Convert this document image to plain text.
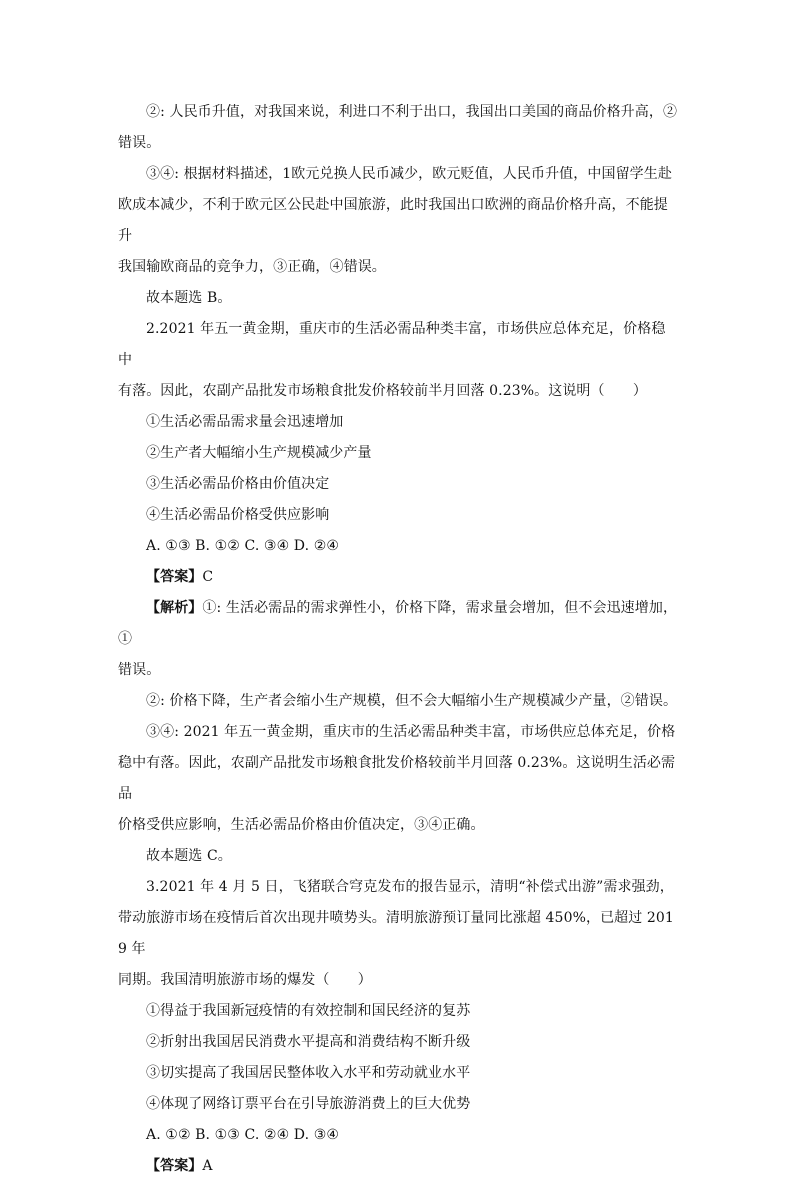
②: 人民币升值，对我国来说，利进口不利于出口，我国出口美国的商品价格升高，②
错误。

③④: 根据材料描述，1欧元兑换人民币减少，欧元贬值，人民币升值，中国留学生赴
欧成本减少，不利于欧元区公民赴中国旅游，此时我国出口欧洲的商品价格升高，不能提升
我国输欧商品的竞争力，③正确，④错误。

故本题选 B。

2.2021 年五一黄金期，重庆市的生活必需品种类丰富，市场供应总体充足，价格稳中
有落。因此，农副产品批发市场粮食批发价格较前半月回落 0.23%。这说明（　　）

①生活必需品需求量会迅速增加

②生产者大幅缩小生产规模减少产量

③生活必需品价格由价值决定

④生活必需品价格受供应影响

A. ①③ B. ①② C. ③④ D. ②④

【答案】C

【解析】①: 生活必需品的需求弹性小，价格下降，需求量会增加，但不会迅速增加，①
错误。

②: 价格下降，生产者会缩小生产规模，但不会大幅缩小生产规模减少产量，②错误。

③④: 2021 年五一黄金期，重庆市的生活必需品种类丰富，市场供应总体充足，价格
稳中有落。因此，农副产品批发市场粮食批发价格较前半月回落 0.23%。这说明生活必需品
价格受供应影响，生活必需品价格由价值决定，③④正确。

故本题选 C。

3.2021 年 4 月 5 日，飞猪联合穹克发布的报告显示，清明“补偿式出游”需求强劲，
带动旅游市场在疫情后首次出现井喷势头。清明旅游预订量同比涨超 450%，已超过 2019 年
同期。我国清明旅游市场的爆发（　　）

①得益于我国新冠疫情的有效控制和国民经济的复苏

②折射出我国居民消费水平提高和消费结构不断升级

③切实提高了我国居民整体收入水平和劳动就业水平

④体现了网络订票平台在引导旅游消费上的巨大优势

A. ①② B. ①③ C. ②④ D. ③④

【答案】A
